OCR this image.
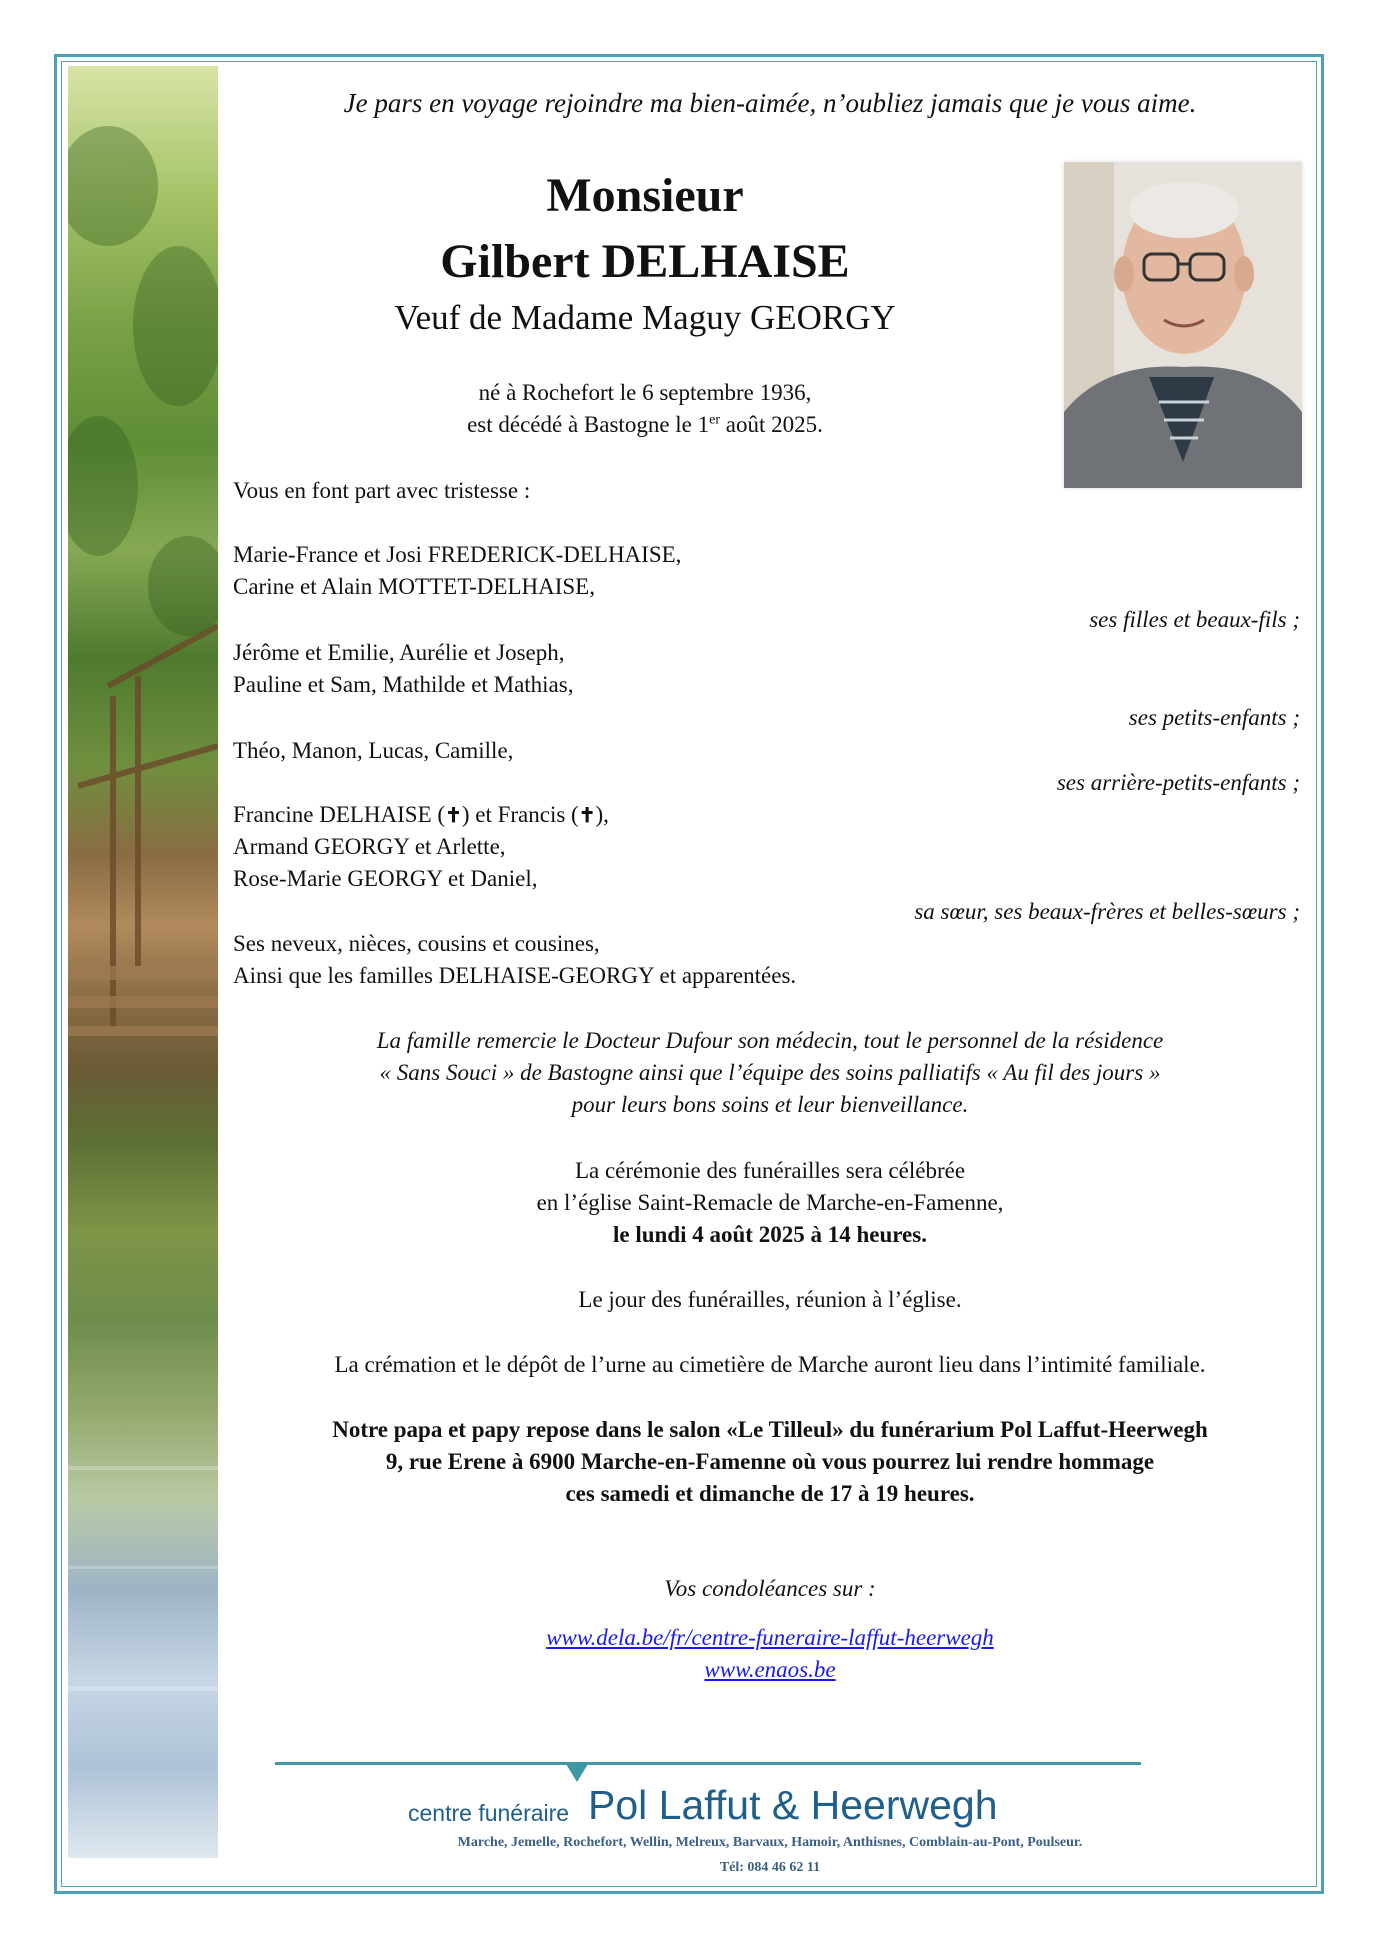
Je pars en voyage rejoindre ma bien-aimée, n’oubliez jamais que je vous aime.
Monsieur
Gilbert DELHAISE
Veuf de Madame Maguy GEORGY
né à Rochefort le 6 septembre 1936,
est décédé à Bastogne le 1er août 2025.
Vous en font part avec tristesse :
Marie-France et Josi FREDERICK-DELHAISE,
Carine et Alain MOTTET-DELHAISE,
ses filles et beaux-fils ;
Jérôme et Emilie, Aurélie et Joseph,
Pauline et Sam, Mathilde et Mathias,
ses petits-enfants ;
Théo, Manon, Lucas, Camille,
ses arrière-petits-enfants ;
Francine DELHAISE (✝) et Francis (✝),
Armand GEORGY et Arlette,
Rose-Marie GEORGY et Daniel,
sa sœur, ses beaux-frères et belles-sœurs ;
Ses neveux, nièces, cousins et cousines,
Ainsi que les familles DELHAISE-GEORGY et apparentées.
La famille remercie le Docteur Dufour son médecin, tout le personnel de la résidence
« Sans Souci » de Bastogne ainsi que l’équipe des soins palliatifs « Au fil des jours »
pour leurs bons soins et leur bienveillance.
La cérémonie des funérailles sera célébrée
en l’église Saint-Remacle de Marche-en-Famenne,
le lundi 4 août 2025 à 14 heures.
Le jour des funérailles, réunion à l’église.
La crémation et le dépôt de l’urne au cimetière de Marche auront lieu dans l’intimité familiale.
Notre papa et papy repose dans le salon «Le Tilleul» du funérarium Pol Laffut-Heerwegh
9, rue Erene à 6900 Marche-en-Famenne où vous pourrez lui rendre hommage
ces samedi et dimanche de 17 à 19 heures.
Vos condoléances sur :
www.dela.be/fr/centre-funeraire-laffut-heerwegh
www.enaos.be
centre funéraire Pol Laffut & Heerwegh
Marche, Jemelle, Rochefort, Wellin, Melreux, Barvaux, Hamoir, Anthisnes, Comblain-au-Pont, Poulseur.
Tél: 084 46 62 11
